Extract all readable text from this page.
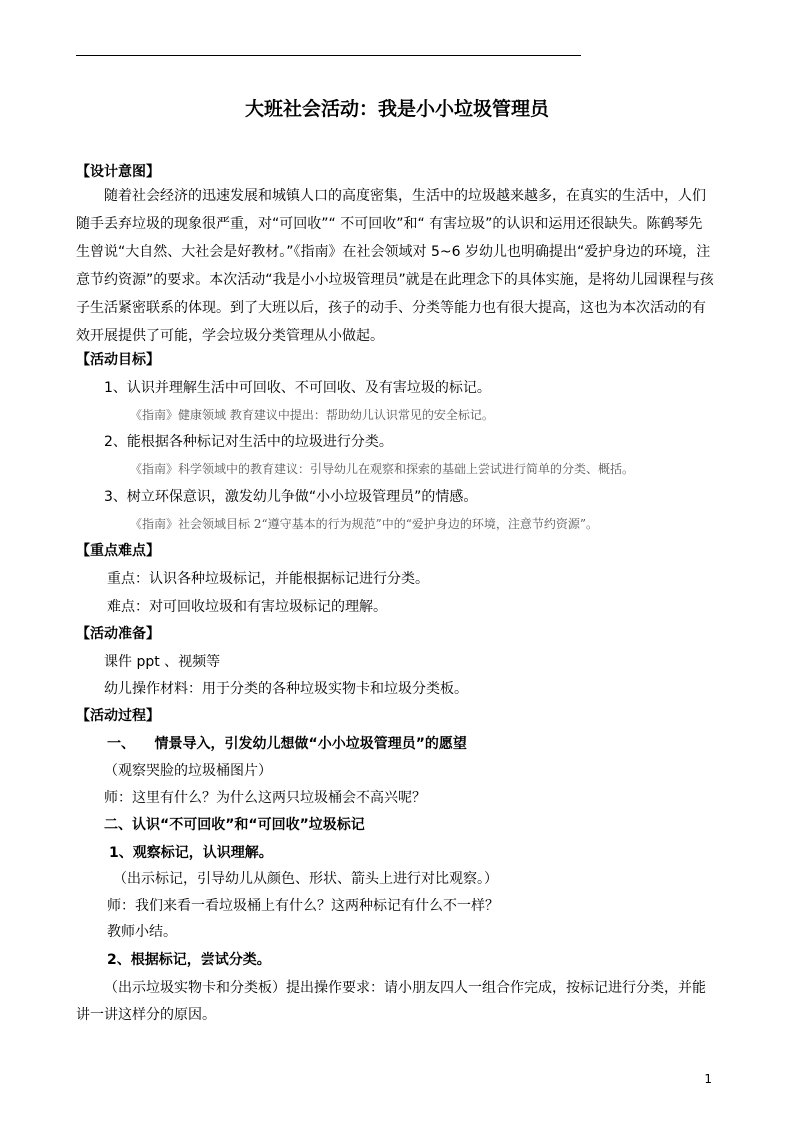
大班社会活动：我是小小垃圾管理员
【设计意图】

随着社会经济的迅速发展和城镇人口的高度密集，生活中的垃圾越来越多，在真实的生活中，人们随手丢弃垃圾的现象很严重，对“可回收”“ 不可回收”和“ 有害垃圾”的认识和运用还很缺失。陈鹤琴先生曾说“大自然、大社会是好教材。”《指南》在社会领域对 5~6 岁幼儿也明确提出“爱护身边的环境，注意节约资源”的要求。本次活动“我是小小垃圾管理员”就是在此理念下的具体实施，是将幼儿园课程与孩子生活紧密联系的体现。到了大班以后，孩子的动手、分类等能力也有很大提高，这也为本次活动的有效开展提供了可能，学会垃圾分类管理从小做起。

【活动目标】
1、认识并理解生活中可回收、不可回收、及有害垃圾的标记。
《指南》健康领域 教育建议中提出：帮助幼儿认识常见的安全标记。
2、能根据各种标记对生活中的垃圾进行分类。
《指南》科学领域中的教育建议：引导幼儿在观察和探索的基础上尝试进行简单的分类、概括。
3、树立环保意识，激发幼儿争做“小小垃圾管理员”的情感。
《指南》社会领域目标 2“遵守基本的行为规范”中的“爱护身边的环境，注意节约资源”。
【重点难点】
重点：认识各种垃圾标记，并能根据标记进行分类。
难点：对可回收垃圾和有害垃圾标记的理解。
【活动准备】
课件 ppt 、视频等
幼儿操作材料：用于分类的各种垃圾实物卡和垃圾分类板。
【活动过程】
一、    情景导入，引发幼儿想做“小小垃圾管理员”的愿望
（观察哭脸的垃圾桶图片）
师：这里有什么？为什么这两只垃圾桶会不高兴呢？
二、认识“不可回收”和“可回收”垃圾标记
1、观察标记，认识理解。
（出示标记，引导幼儿从颜色、形状、箭头上进行对比观察。）
师：我们来看一看垃圾桶上有什么？这两种标记有什么不一样？
教师小结。
2、根据标记，尝试分类。

（出示垃圾实物卡和分类板）提出操作要求：请小朋友四人一组合作完成，按标记进行分类，并能讲一讲这样分的原因。

1
